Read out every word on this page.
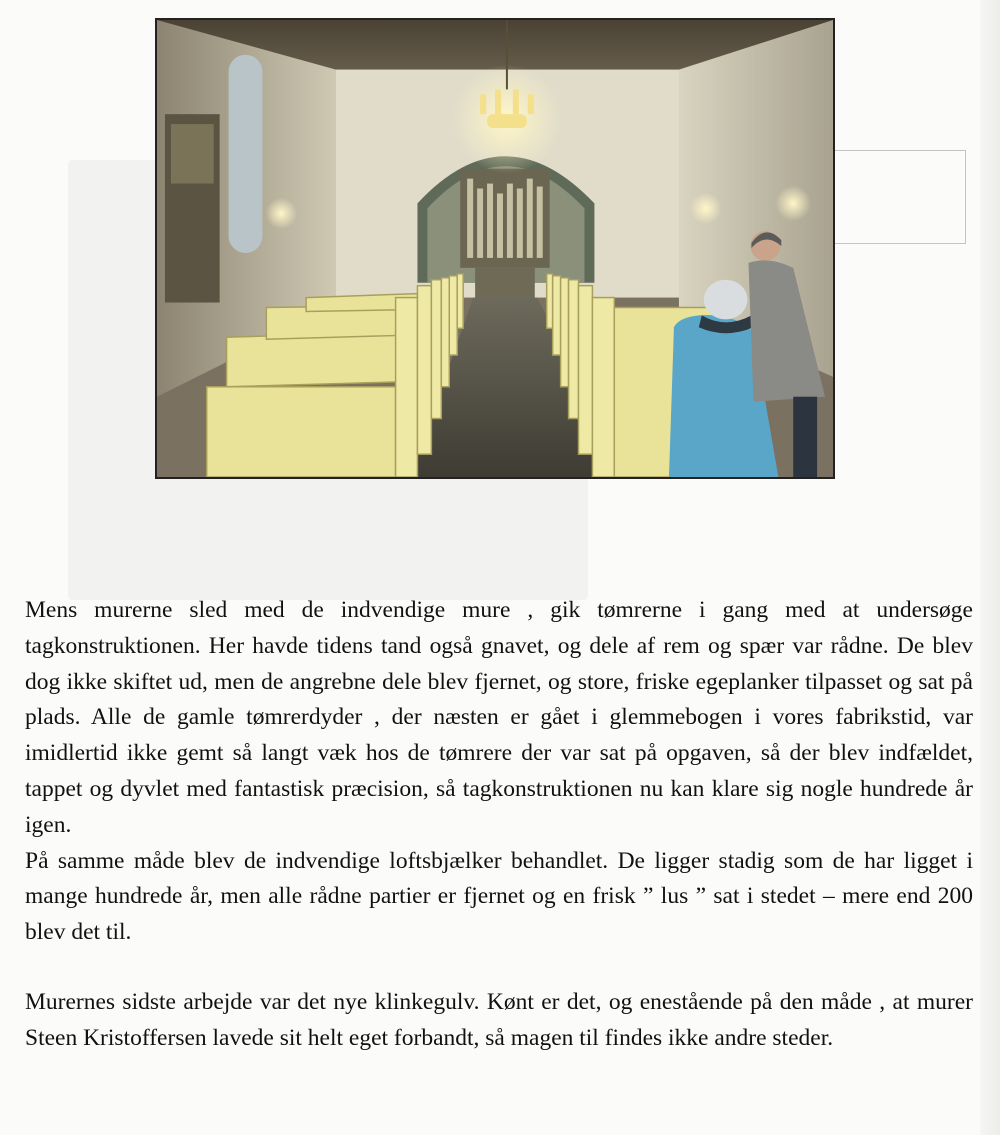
Mens murerne sled med de indvendige mure , gik tømrerne i gang med at undersøge tagkonstruktionen. Her havde tidens tand også gnavet, og dele af rem og spær var rådne. De blev dog ikke skiftet ud, men de angrebne dele blev fjernet, og store, friske egeplanker tilpasset og sat på plads. Alle de gamle tømrerdyder , der næsten er gået i glemmebogen i vores fabrikstid, var imidlertid ikke gemt så langt væk hos de tømrere der var sat på opgaven, så der blev indfældet, tappet og dyvlet med fantastisk præcision, så tagkonstruktionen nu kan klare sig nogle hundrede år igen.

På samme måde blev de indvendige loftsbjælker behandlet. De ligger stadig som de har ligget i mange hundrede år, men alle rådne partier er fjernet og en frisk ” lus ” sat i stedet – mere end 200 blev det til.

Murernes sidste arbejde var det nye klinkegulv. Kønt er det, og enestående på den måde , at murer Steen Kristoffersen lavede sit helt eget forbandt, så magen til findes ikke andre steder.
